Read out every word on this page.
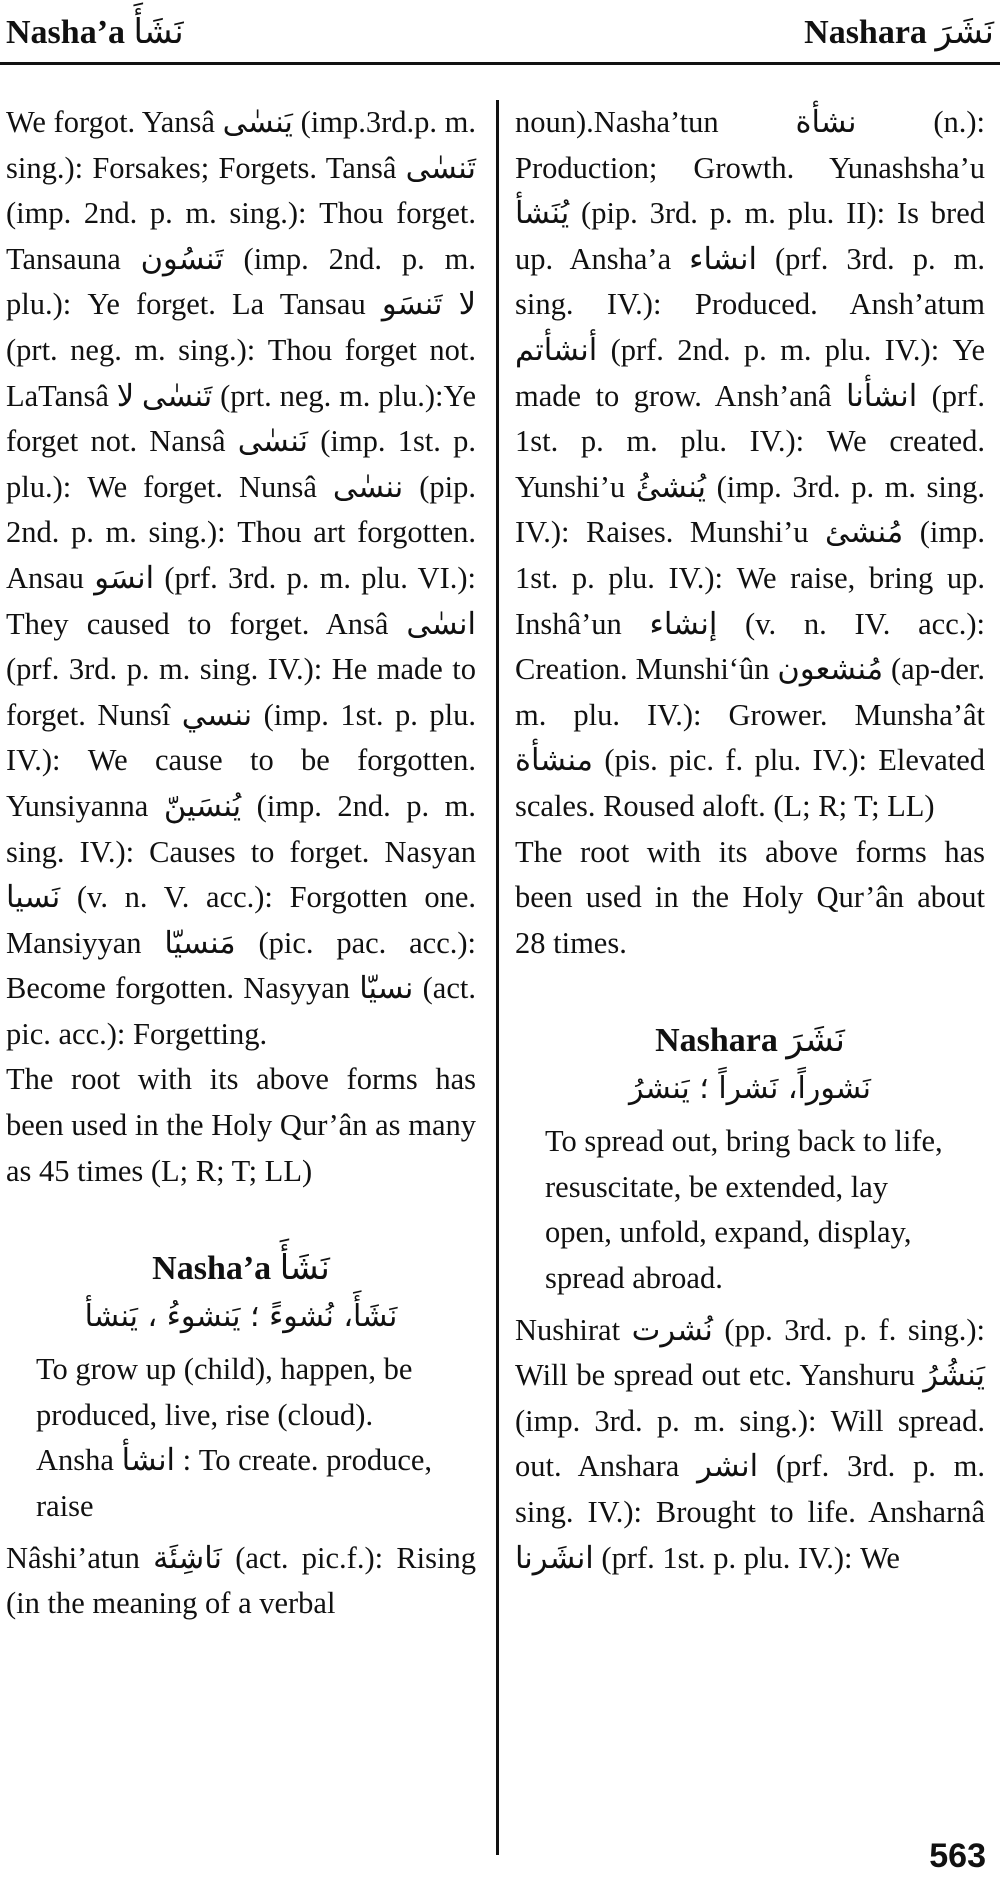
Nasha’a نَشَأَ	Nashara نَشَرَ

We forgot. Yansâ يَنسٰى (imp.3rd.p. m. sing.): Forsakes; Forgets. Tansâ تَنسٰى (imp. 2nd. p. m. sing.): Thou forget. Tansauna تَنسُون (imp. 2nd. p. m. plu.): Ye forget. La Tansau لا تَنسَو (prt. neg. m. sing.): Thou forget not. LaTansâ تَنسٰى لا (prt. neg. m. plu.):Ye forget not. Nansâ نَنسٰى (imp. 1st. p. plu.): We forget. Nunsâ ننسٰى (pip. 2nd. p. m. sing.): Thou art forgotten. Ansau انسَو (prf. 3rd. p. m. plu. VI.): They caused to forget. Ansâ انسٰى (prf. 3rd. p. m. sing. IV.): He made to forget. Nunsî ننسي (imp. 1st. p. plu. IV.): We cause to be forgotten. Yunsiyanna يُنسَينّ (imp. 2nd. p. m. sing. IV.): Causes to forget. Nasyan نَسيا (v. n. V. acc.): Forgotten one. Mansiyyan مَنسيّا (pic. pac. acc.): Become forgotten. Nasyyan نسيّا (act. pic. acc.): Forgetting.

The root with its above forms has been used in the Holy Qur’ân as many as 45 times (L; R; T; LL)

Nasha’a نَشَأَ
نَشَأَ، نُشوءً ؛ يَنشوءُ ، يَنشأ
To grow up (child), happen, be produced, live, rise (cloud). Ansha انشأ : To create. produce, raise

Nâshi’atun نَاشِئَة (act. pic.f.): Rising (in the meaning of a verbal

noun).Nasha’tun نشأة (n.): Production; Growth. Yunashsha’u يُنَشأ (pip. 3rd. p. m. plu. II): Is bred up. Ansha’a انشاء (prf. 3rd. p. m. sing. IV.): Produced. Ansh’atum أنشأتم (prf. 2nd. p. m. plu. IV.): Ye made to grow. Ansh’anâ انشأنا (prf. 1st. p. m. plu. IV.): We created. Yunshi’u يُنشئُ (imp. 3rd. p. m. sing. IV.): Raises. Munshi’u مُنشئ (imp. 1st. p. plu. IV.): We raise, bring up. Inshâ’un إنشاء (v. n. IV. acc.): Creation. Munshi‘ûn مُنشعون (ap-der. m. plu. IV.): Grower. Munsha’ât منشأة (pis. pic. f. plu. IV.): Elevated scales. Roused aloft. (L; R; T; LL)

The root with its above forms has been used in the Holy Qur’ân about 28 times.

Nashara نَشَرَ
نَشوراً، نَشراً ؛ يَنشرُ
To spread out, bring back to life, resuscitate, be extended, lay open, unfold, expand, display, spread abroad.

Nushirat نُشرت (pp. 3rd. p. f. sing.): Will be spread out etc. Yanshuru يَنشُرُ (imp. 3rd. p. m. sing.): Will spread. out. Anshara انشر (prf. 3rd. p. m. sing. IV.): Brought to life. Ansharnâ انشَرنا (prf. 1st. p. plu. IV.): We

563
